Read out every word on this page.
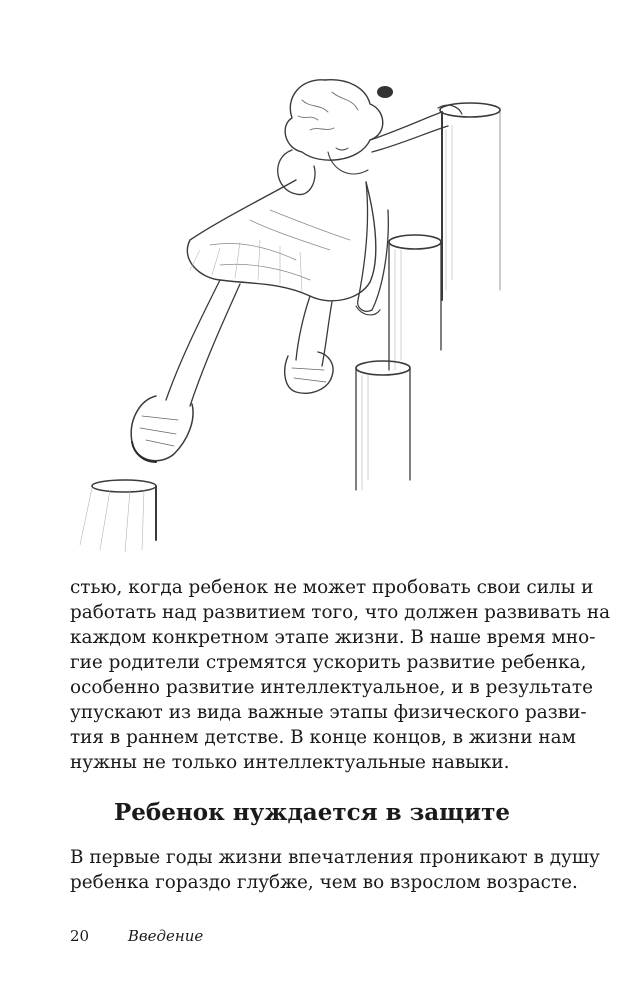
стью, когда ребенок не может пробовать свои силы и
работать над развитием того, что должен развивать на
каждом конкретном этапе жизни. В наше время мно-
гие родители стремятся ускорить развитие ребенка,
особенно развитие интеллектуальное, и в результате
упускают из вида важные этапы физического разви-
тия в раннем детстве. В конце концов, в жизни нам
нужны не только интеллектуальные навыки.

Ребенок нуждается в защите

В первые годы жизни впечатления проникают в душу
ребенка гораздо глубже, чем во взрослом возрасте.

20	Введение
